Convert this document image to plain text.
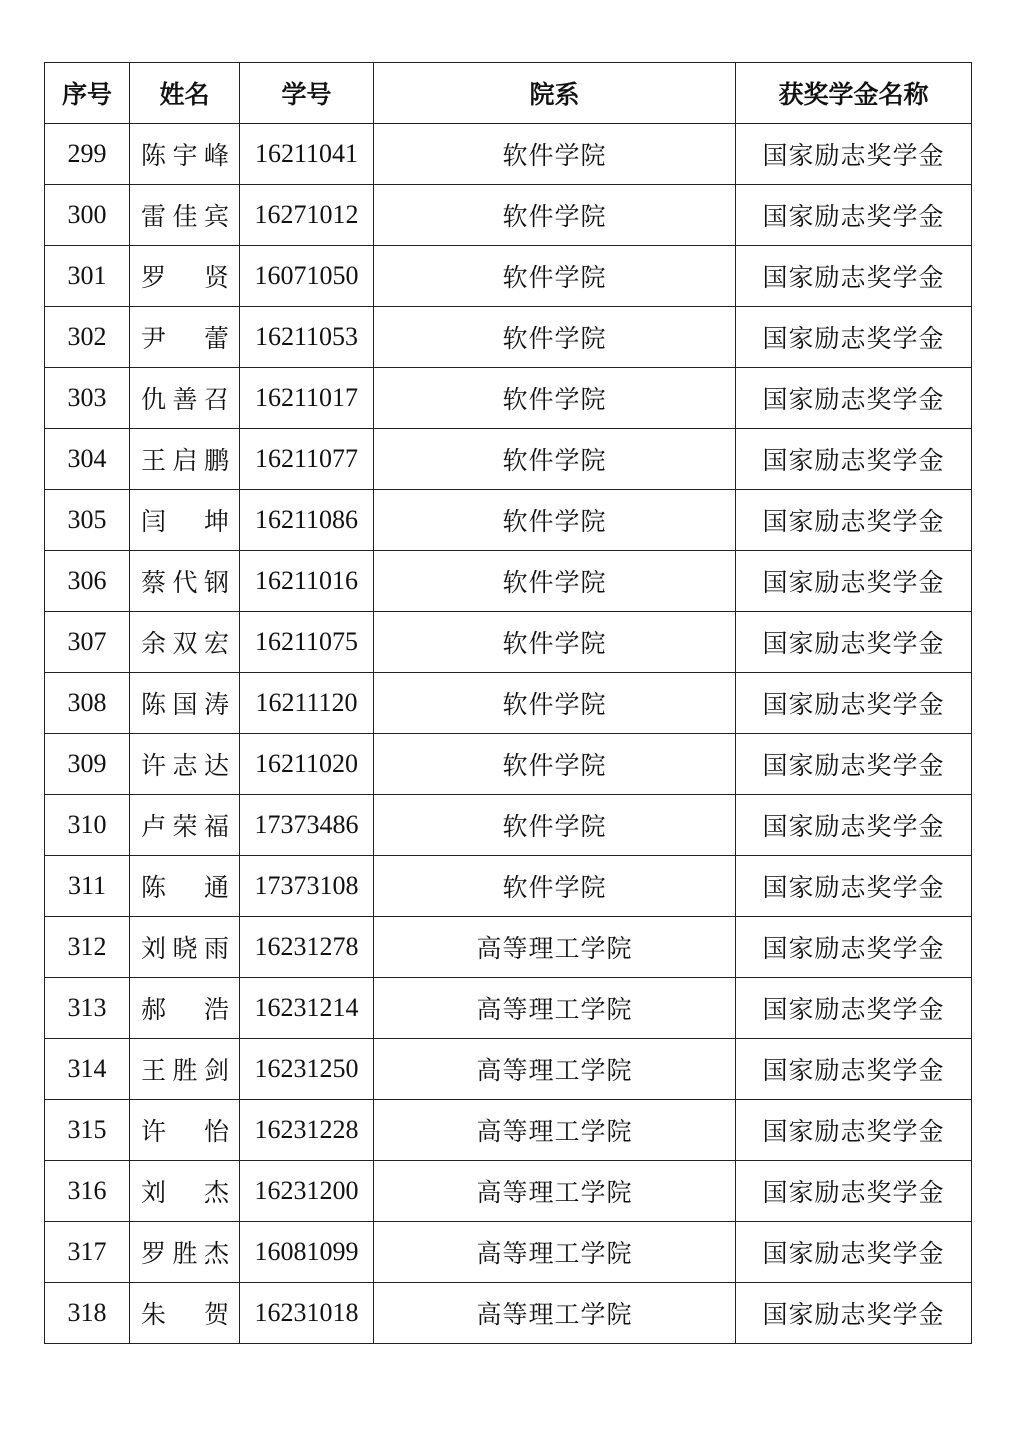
序号	姓名	学号	院系	获奖学金名称
299	陈 宇 峰	16211041	软件学院	国家励志奖学金
300	雷 佳 宾	16271012	软件学院	国家励志奖学金
301	罗 贤	16071050	软件学院	国家励志奖学金
302	尹 蕾	16211053	软件学院	国家励志奖学金
303	仇 善 召	16211017	软件学院	国家励志奖学金
304	王 启 鹏	16211077	软件学院	国家励志奖学金
305	闫 坤	16211086	软件学院	国家励志奖学金
306	蔡 代 钢	16211016	软件学院	国家励志奖学金
307	余 双 宏	16211075	软件学院	国家励志奖学金
308	陈 国 涛	16211120	软件学院	国家励志奖学金
309	许 志 达	16211020	软件学院	国家励志奖学金
310	卢 荣 福	17373486	软件学院	国家励志奖学金
311	陈 通	17373108	软件学院	国家励志奖学金
312	刘 晓 雨	16231278	高等理工学院	国家励志奖学金
313	郝 浩	16231214	高等理工学院	国家励志奖学金
314	王 胜 剑	16231250	高等理工学院	国家励志奖学金
315	许 怡	16231228	高等理工学院	国家励志奖学金
316	刘 杰	16231200	高等理工学院	国家励志奖学金
317	罗 胜 杰	16081099	高等理工学院	国家励志奖学金
318	朱 贺	16231018	高等理工学院	国家励志奖学金
